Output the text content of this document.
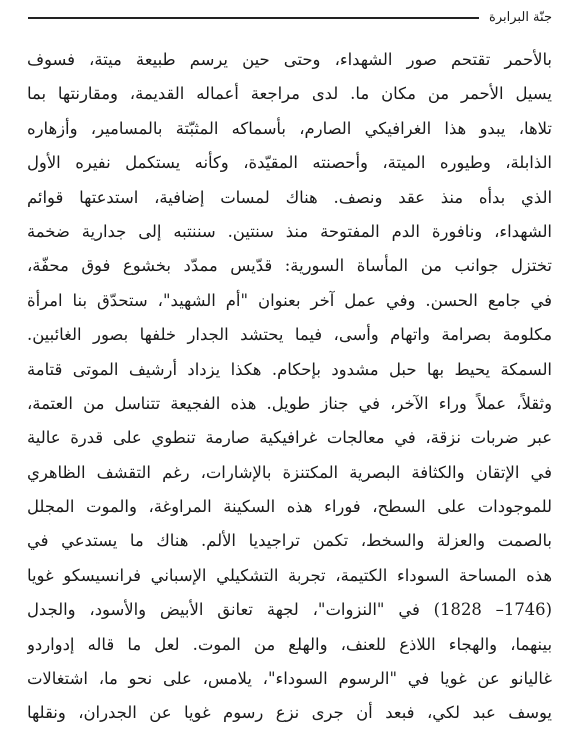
جنّة البرابرة
بالأحمر تقتحم صور الشهداء، وحتى حين يرسم طبيعة ميتة، فسوف
يسيل الأحمر من مكان ما. لدى مراجعة أعماله القديمة، ومقارنتها بما
تلاها، يبدو هذا الغرافيكي الصارم، بأسماكه المثبّتة بالمسامير، وأزهاره
الذابلة، وطيوره الميتة، وأحصنته المقيّدة، وكأنه يستكمل نفيره الأول
الذي بدأه منذ عقد ونصف. هناك لمسات إضافية، استدعتها قوائم
الشهداء، ونافورة الدم المفتوحة منذ سنتين. سننتبه إلى جدارية ضخمة
تختزل جوانب من المأساة السورية: قدّيس ممدّد بخشوع فوق محفّة،
في جامع الحسن. وفي عمل آخر بعنوان "أم الشهيد"، ستحدّق بنا امرأة
مكلومة بصرامة واتهام وأسى، فيما يحتشد الجدار خلفها بصور الغائبين.
السمكة يحيط بها حبل مشدود بإحكام. هكذا يزداد أرشيف الموتى قتامة
وثقلاً، عملاً وراء الآخر، في جناز طويل. هذه الفجيعة تتناسل من العتمة،
عبر ضربات نزقة، في معالجات غرافيكية صارمة تنطوي على قدرة عالية
في الإتقان والكثافة البصرية المكتنزة بالإشارات، رغم التقشف الظاهري
للموجودات على السطح، فوراء هذه السكينة المراوغة، والموت المجلل
بالصمت والعزلة والسخط، تكمن تراجيديا الألم. هناك ما يستدعي في
هذه المساحة السوداء الكتيمة، تجربة التشكيلي الإسباني فرانسيسكو غويا
(1746– 1828) في "النزوات"، لجهة تعانق الأبيض والأسود، والجدل
بينهما، والهجاء اللاذع للعنف، والهلع من الموت. لعل ما قاله إدواردو
غاليانو عن غويا في "الرسوم السوداء"، يلامس، على نحو ما، اشتغالات
يوسف عبد لكي، فبعد أن جرى نزع رسوم غويا عن الجدران، ونقلها
